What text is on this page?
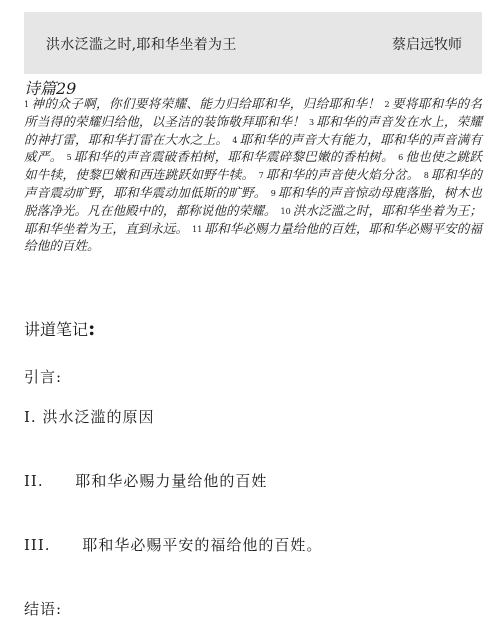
洪水泛滥之时,耶和华坐着为王	蔡启远牧师
诗篇29
1 神的众子啊，你们要将荣耀、能力归给耶和华，归给耶和华！ 2 要将耶和华的名所当得的荣耀归给他，以圣洁的装饰敬拜耶和华！ 3 耶和华的声音发在水上，荣耀的神打雷，耶和华打雷在大水之上。 4 耶和华的声音大有能力，耶和华的声音满有威严。 5 耶和华的声音震破香柏树，耶和华震碎黎巴嫩的香柏树。 6 他也使之跳跃如牛犊，使黎巴嫩和西连跳跃如野牛犊。 7 耶和华的声音使火焰分岔。 8 耶和华的声音震动旷野，耶和华震动加低斯的旷野。 9 耶和华的声音惊动母鹿落胎，树木也脱落净光。凡在他殿中的，都称说他的荣耀。 10 洪水泛滥之时，耶和华坐着为王；耶和华坐着为王，直到永远。 11 耶和华必赐力量给他的百姓，耶和华必赐平安的福给他的百姓。
讲道笔记:
引言:
I. 洪水泛滥的原因
II. 耶和华必赐力量给他的百姓
III. 耶和华必赐平安的福给他的百姓。
结语:
